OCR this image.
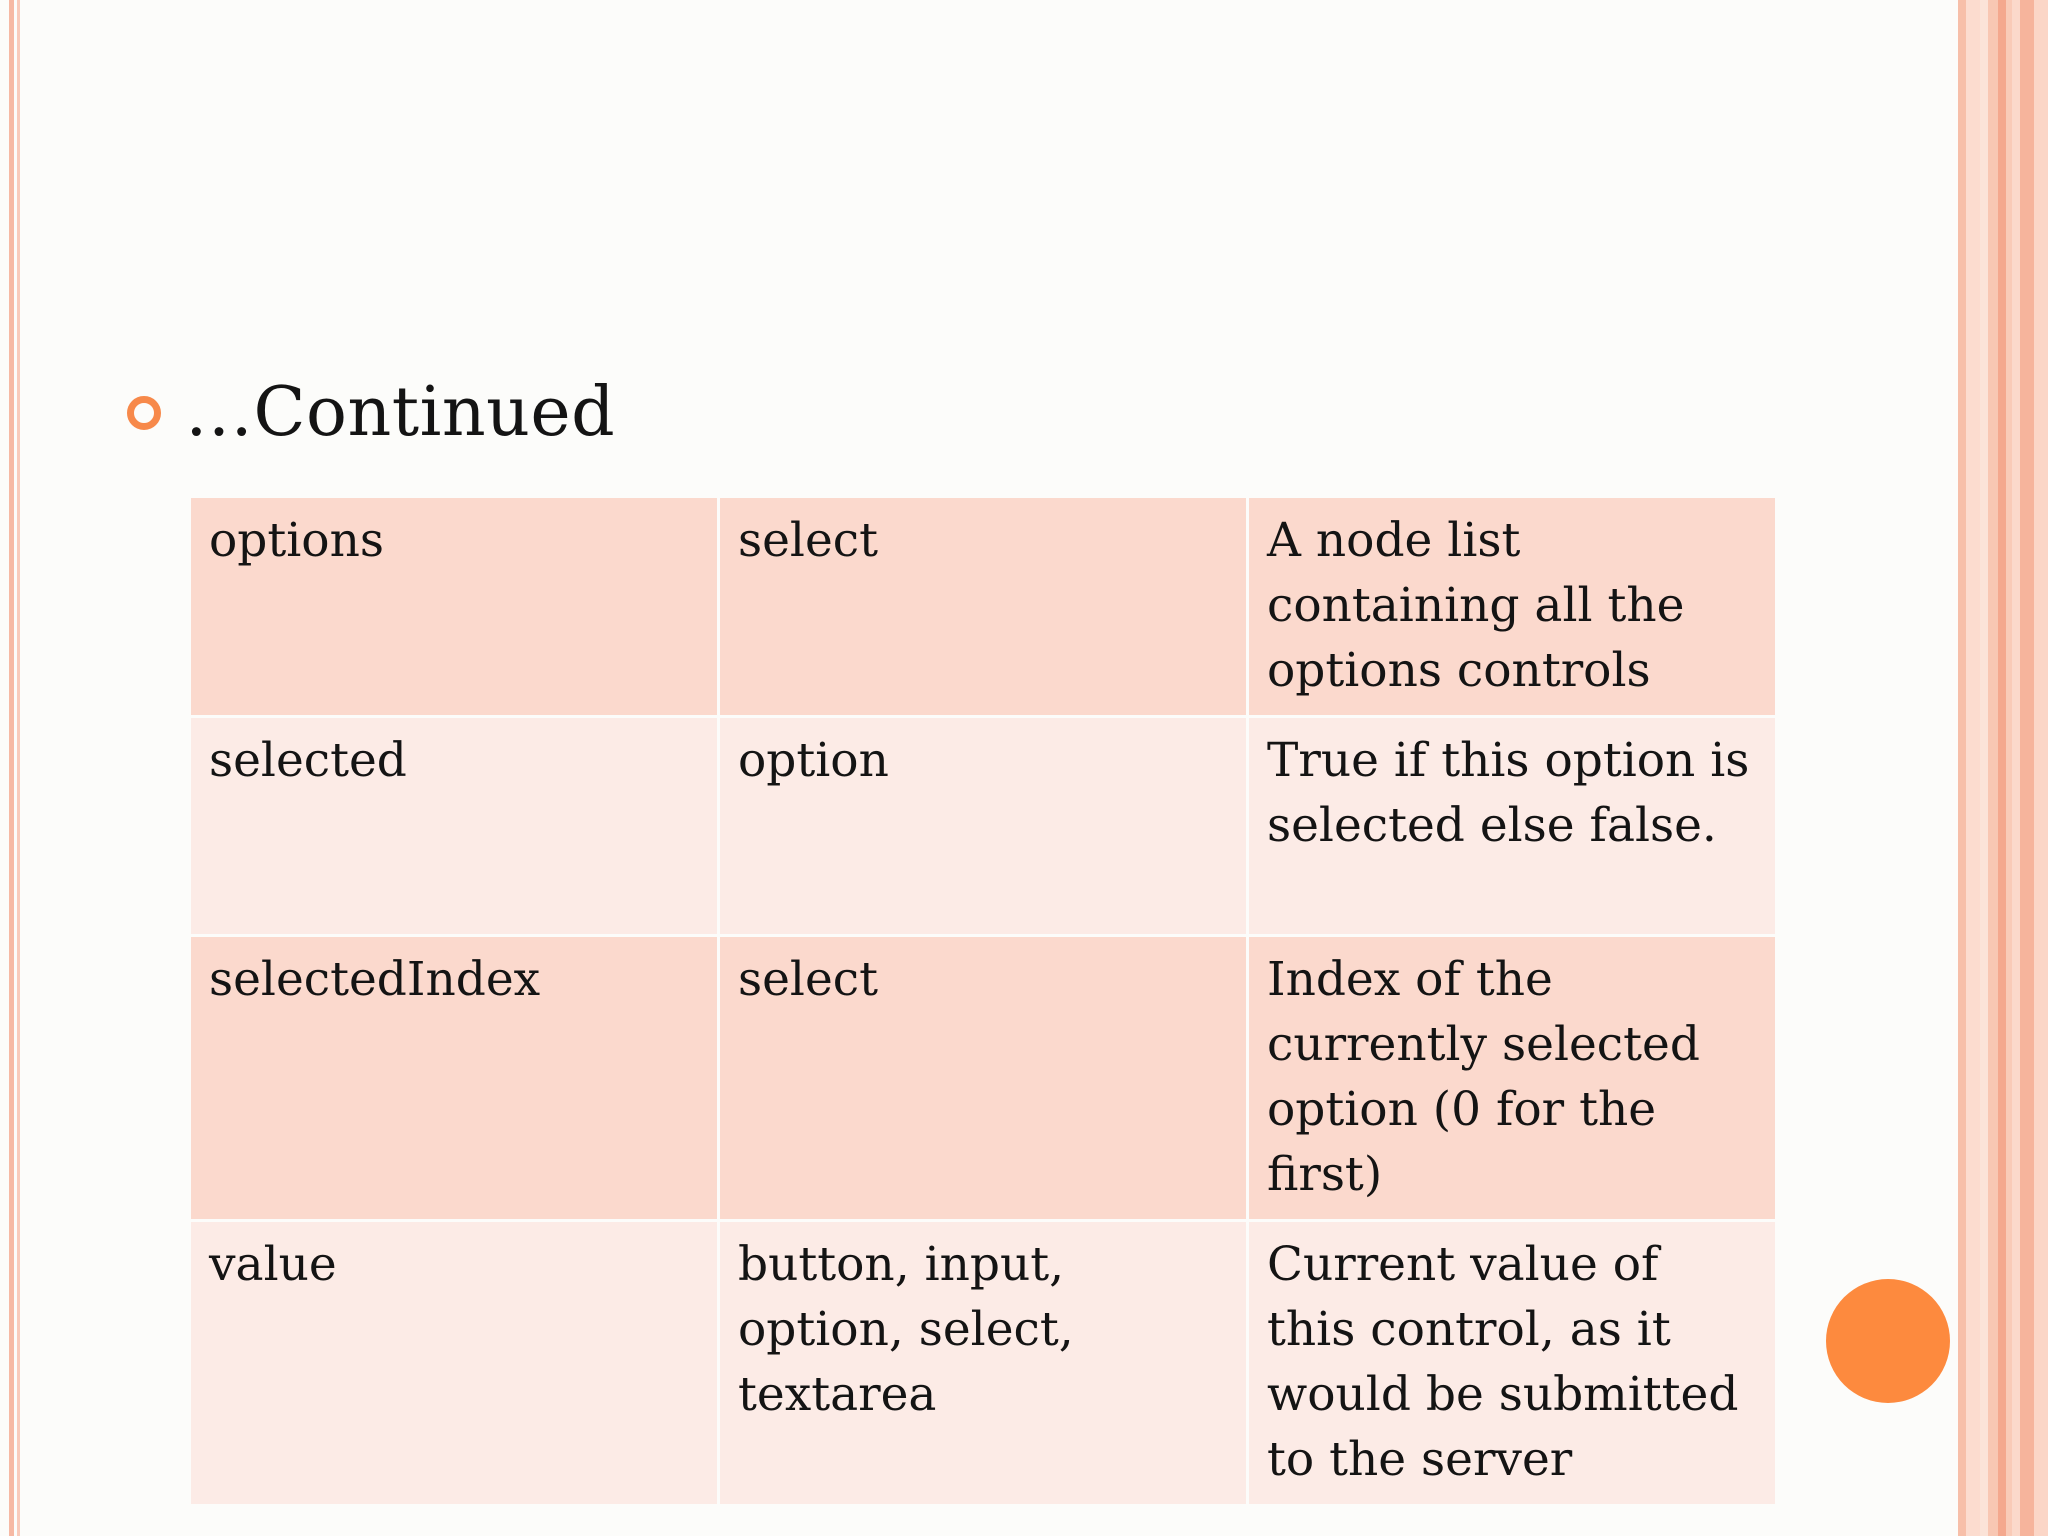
…Continued
options	select	A node list containing all the options controls
selected	option	True if this option is selected else false.
selectedIndex	select	Index of the currently selected option (0 for the first)
value	button, input, option, select, textarea	Current value of this control, as it would be submitted to the server
